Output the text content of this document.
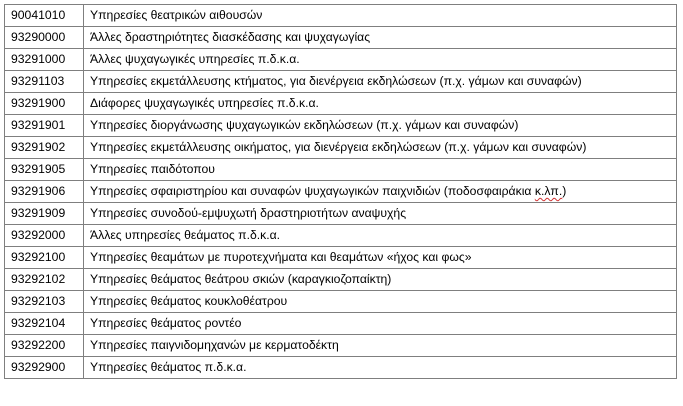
90041010	Υπηρεσίες θεατρικών αιθουσών
93290000	Άλλες δραστηριότητες διασκέδασης και ψυχαγωγίας
93291000	Άλλες ψυχαγωγικές υπηρεσίες π.δ.κ.α.
93291103	Υπηρεσίες εκμετάλλευσης κτήματος, για διενέργεια εκδηλώσεων (π.χ. γάμων και συναφών)
93291900	Διάφορες ψυχαγωγικές υπηρεσίες π.δ.κ.α.
93291901	Υπηρεσίες διοργάνωσης ψυχαγωγικών εκδηλώσεων (π.χ. γάμων και συναφών)
93291902	Υπηρεσίες εκμετάλλευσης οικήματος, για διενέργεια εκδηλώσεων (π.χ. γάμων και συναφών)
93291905	Υπηρεσίες παιδότοπου
93291906	Υπηρεσίες σφαιριστηρίου και συναφών ψυχαγωγικών παιχνιδιών (ποδοσφαιράκια κ.λπ.)
93291909	Υπηρεσίες συνοδού-εμψυχωτή δραστηριοτήτων αναψυχής
93292000	Άλλες υπηρεσίες θεάματος π.δ.κ.α.
93292100	Υπηρεσίες θεαμάτων με πυροτεχνήματα και θεαμάτων «ήχος και φως»
93292102	Υπηρεσίες θεάματος θεάτρου σκιών (καραγκιοζοπαίκτη)
93292103	Υπηρεσίες θεάματος κουκλοθέατρου
93292104	Υπηρεσίες θεάματος ροντέο
93292200	Υπηρεσίες παιγνιδομηχανών με κερματοδέκτη
93292900	Υπηρεσίες θεάματος π.δ.κ.α.
